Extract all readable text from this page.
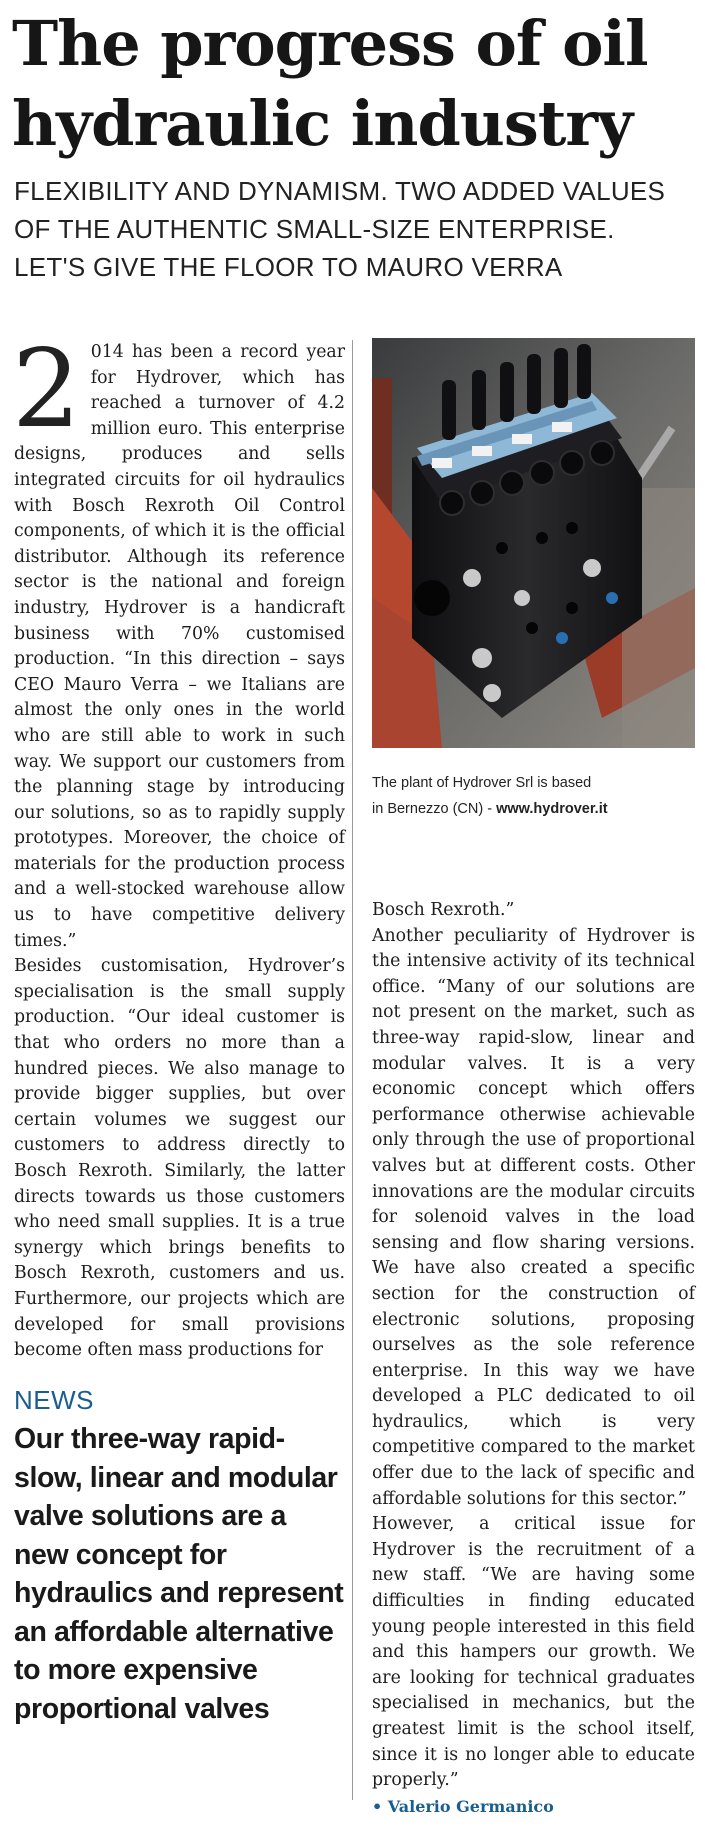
The progress of oil hydraulic industry
FLEXIBILITY AND DYNAMISM. TWO ADDED VALUES
OF THE AUTHENTIC SMALL-SIZE ENTERPRISE.
LET'S GIVE THE FLOOR TO MAURO VERRA
2 014 has been a record year for Hydrover, which has reached a turnover of 4.2 million euro. This enterprise designs, produces and sells integrated circuits for oil hydraulics with Bosch Rexroth Oil Control components, of which it is the official distributor. Although its reference sector is the national and foreign industry, Hydrover is a handicraft business with 70% customised production. “In this direction – says CEO Mauro Verra – we Italians are almost the only ones in the world who are still able to work in such way. We support our customers from the planning stage by introducing our solutions, so as to rapidly supply prototypes. Moreover, the choice of materials for the production process and a well-stocked warehouse allow us to have competitive delivery times.”

Besides customisation, Hydrover’s specialisation is the small supply production. “Our ideal customer is that who orders no more than a hundred pieces. We also manage to provide bigger supplies, but over certain volumes we suggest our customers to address directly to Bosch Rexroth. Similarly, the latter directs towards us those customers who need small supplies. It is a true synergy which brings benefits to Bosch Rexroth, customers and us. Furthermore, our projects which are developed for small provisions become often mass productions for

The plant of Hydrover Srl is based
in Bernezzo (CN) - www.hydrover.it

Bosch Rexroth.”

Another peculiarity of Hydrover is the intensive activity of its technical office. “Many of our solutions are not present on the market, such as three-way rapid-slow, linear and modular valves. It is a very economic concept which offers performance otherwise achievable only through the use of proportional valves but at different costs. Other innovations are the modular circuits for solenoid valves in the load sensing and flow sharing versions. We have also created a specific section for the construction of electronic solutions, proposing ourselves as the sole reference enterprise. In this way we have developed a PLC dedicated to oil hydraulics, which is very competitive compared to the market offer due to the lack of specific and affordable solutions for this sector.”

However, a critical issue for Hydrover is the recruitment of a new staff. “We are having some difficulties in finding educated young people interested in this field and this hampers our growth. We are looking for technical graduates specialised in mechanics, but the greatest limit is the school itself, since it is no longer able to educate properly.”

• Valerio Germanico

NEWS
Our three-way rapid-slow, linear and modular valve solutions are a new concept for hydraulics and represent an affordable alternative to more expensive proportional valves
